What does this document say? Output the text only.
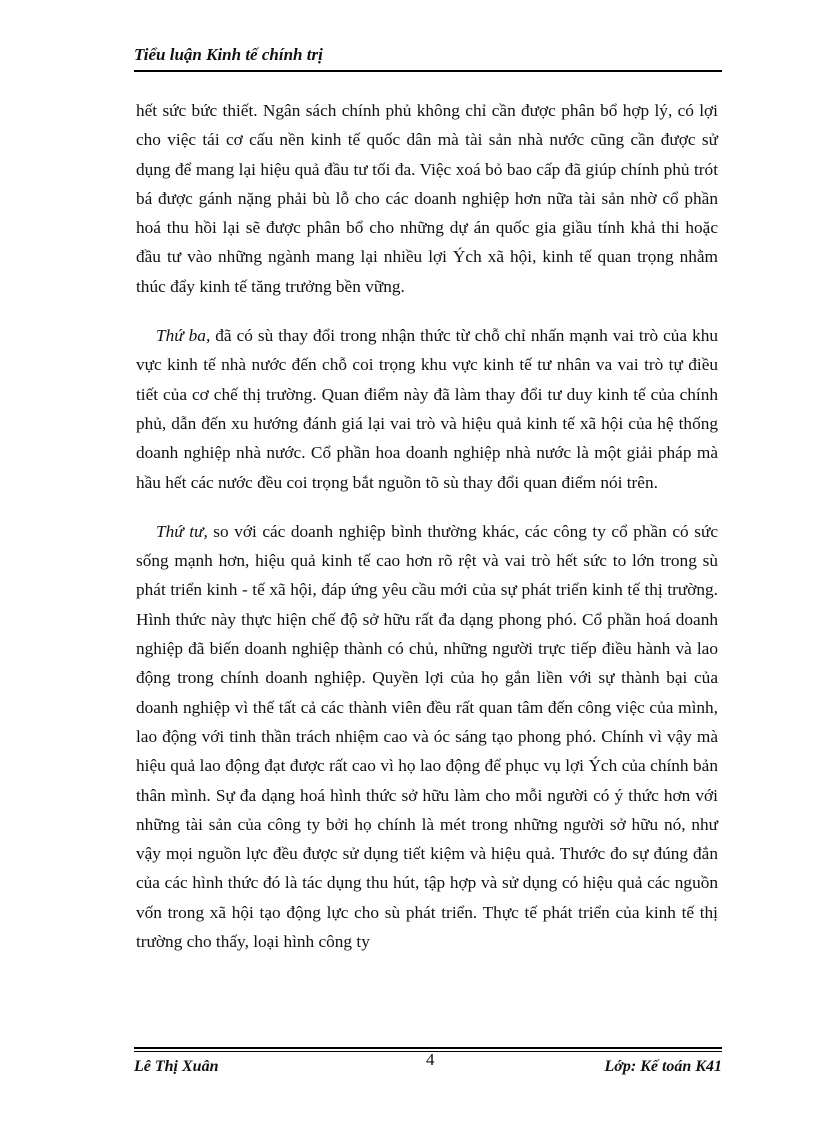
Tiểu luận Kinh tế chính trị

hết sức bức thiết. Ngân sách chính phủ không chỉ cần được phân bổ hợp lý, có lợi cho việc tái cơ cấu nền kinh tế quốc dân mà tài sản nhà nước cũng cần được sử dụng để mang lại hiệu quả đầu tư tối đa. Việc xoá bỏ bao cấp đã giúp chính phủ trót bá được gánh nặng phải bù lỗ cho các doanh nghiệp hơn nữa tài sản nhờ cổ phần hoá thu hồi lại sẽ được phân bổ cho những dự án quốc gia giầu tính khả thi hoặc đầu tư vào những ngành mang lại nhiều lợi Ých xã hội, kinh tế quan trọng nhằm thúc đẩy kinh tế tăng trưởng bền vững.

Thứ ba, đã có sù thay đổi trong nhận thức từ chỗ chỉ nhấn mạnh vai trò của khu vực kinh tế nhà nước đến chỗ coi trọng khu vực kinh tế tư nhân va vai trò tự điều tiết của cơ chế thị trường. Quan điểm này đã làm thay đổi tư duy kinh tế của chính phủ, dẫn đến xu hướng đánh giá lại vai trò và hiệu quả kinh tế xã hội của hệ thống doanh nghiệp nhà nước. Cổ phần hoa doanh nghiệp nhà nước là một giải pháp mà hầu hết các nước đều coi trọng bắt nguồn tõ sù thay đổi quan điểm nói trên.

Thứ tư, so với các doanh nghiệp bình thường khác, các công ty cổ phần có sức sống mạnh hơn, hiệu quả kinh tế cao hơn rõ rệt và vai trò hết sức to lớn trong sù phát triển kinh - tế xã hội, đáp ứng yêu cầu mới của sự phát triển kinh tế thị trường. Hình thức này thực hiện chế độ sở hữu rất đa dạng phong phó. Cổ phần hoá doanh nghiệp đã biến doanh nghiệp thành có chủ, những người trực tiếp điều hành và lao động trong chính doanh nghiệp. Quyền lợi của họ gắn liền với sự thành bại của doanh nghiệp vì thế tất cả các thành viên đều rất quan tâm đến công việc của mình, lao động với tinh thần trách nhiệm cao và óc sáng tạo phong phó. Chính vì vậy mà hiệu quả lao động đạt được rất cao vì họ lao động để phục vụ lợi Ých của chính bản thân mình. Sự đa dạng hoá hình thức sở hữu làm cho mỗi người có ý thức hơn với những tài sản của công ty bởi họ chính là mét trong những người sở hữu nó, như vậy mọi nguồn lực đều được sử dụng tiết kiệm và hiệu quả. Thước đo sự đúng đắn của các hình thức đó là tác dụng thu hút, tập hợp và sử dụng có hiệu quả các nguồn vốn trong xã hội tạo động lực cho sù phát triển. Thực tế phát triển của kinh tế thị trường cho thấy, loại hình công ty

Lê Thị Xuân	4	Lớp: Kế toán K41
